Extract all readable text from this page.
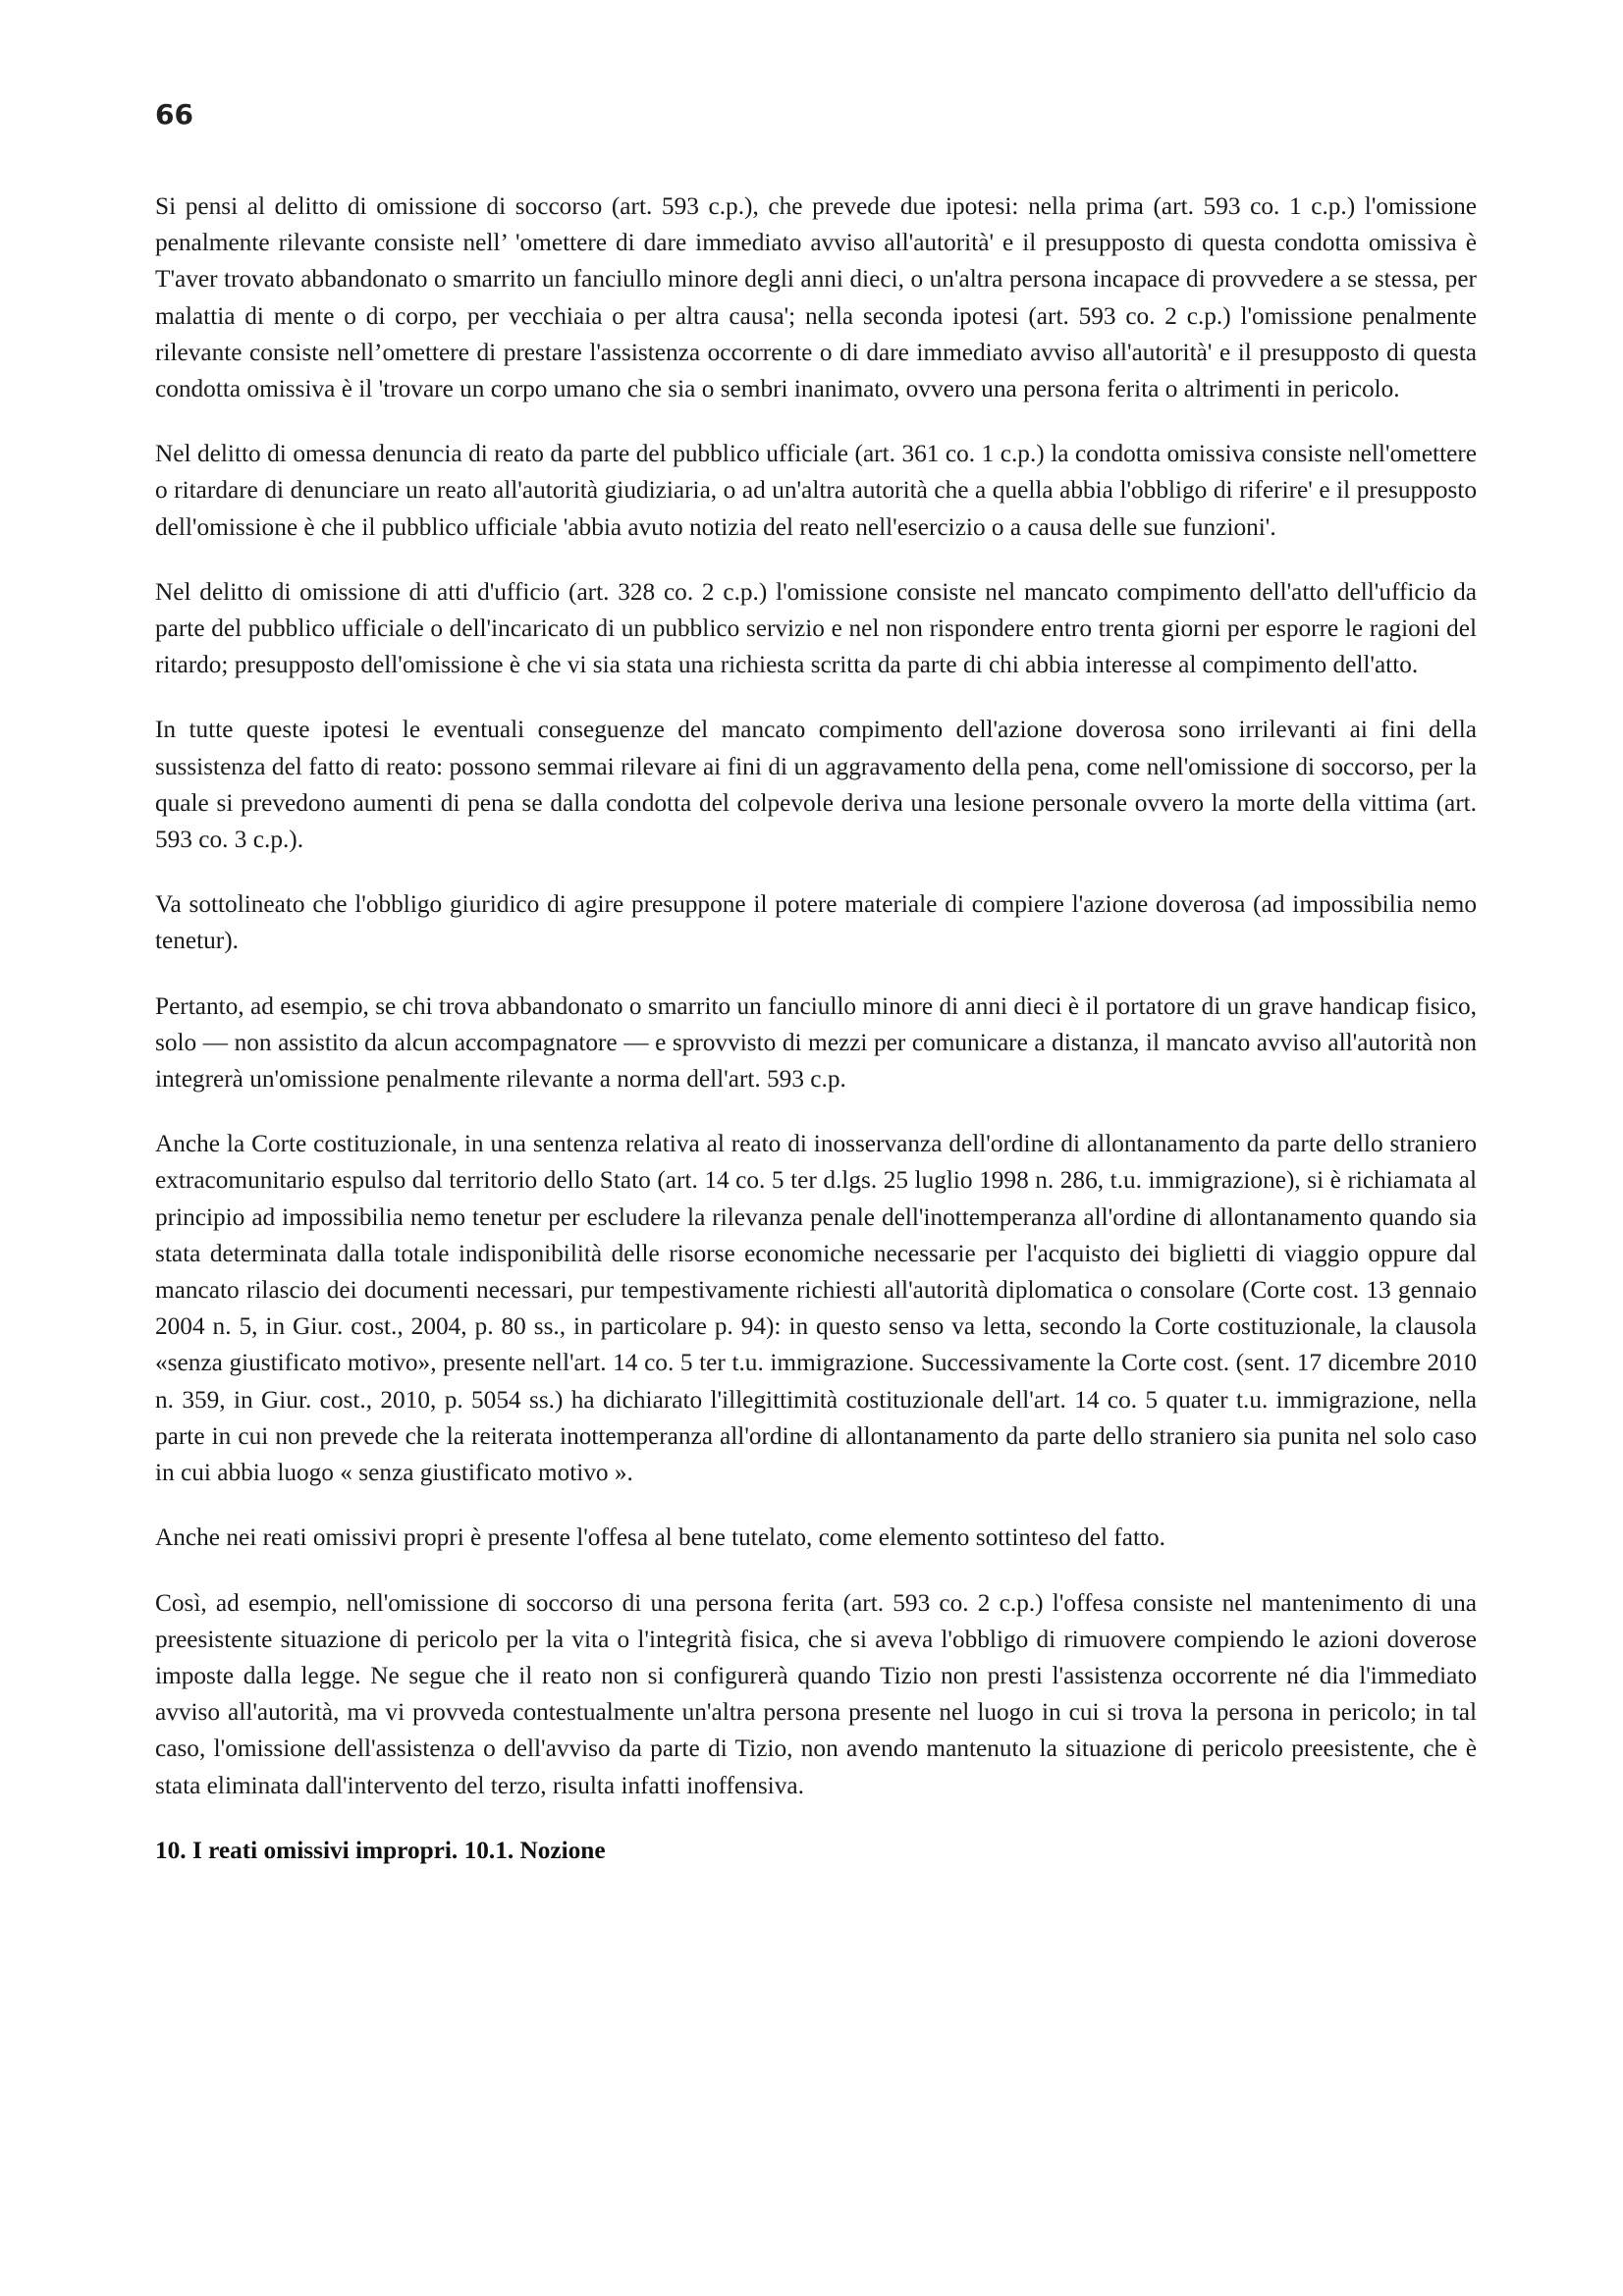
66

Si pensi al delitto di omissione di soccorso (art. 593 c.p.), che prevede due ipotesi: nella prima (art. 593 co. 1 c.p.) l'omissione penalmente rilevante consiste nell’ 'omettere di dare immediato avviso all'autorità' e il presupposto di questa condotta omissiva è T'aver trovato abbandonato o smarrito un fanciullo minore degli anni dieci, o un'altra persona incapace di provvedere a se stessa, per malattia di mente o di corpo, per vecchiaia o per altra causa'; nella seconda ipotesi (art. 593 co. 2 c.p.) l'omissione penalmente rilevante consiste nell’omettere di prestare l'assistenza occorrente o di dare immediato avviso all'autorità' e il presupposto di questa condotta omissiva è il 'trovare un corpo umano che sia o sembri inanimato, ovvero una persona ferita o altrimenti in pericolo.

Nel delitto di omessa denuncia di reato da parte del pubblico ufficiale (art. 361 co. 1 c.p.) la condotta omissiva consiste nell'omettere o ritardare di denunciare un reato all'autorità giudiziaria, o ad un'altra autorità che a quella abbia l'obbligo di riferire' e il presupposto dell'omissione è che il pubblico ufficiale 'abbia avuto notizia del reato nell'esercizio o a causa delle sue funzioni'.

Nel delitto di omissione di atti d'ufficio (art. 328 co. 2 c.p.) l'omissione consiste nel mancato compimento dell'atto dell'ufficio da parte del pubblico ufficiale o dell'incaricato di un pubblico servizio e nel non rispondere entro trenta giorni per esporre le ragioni del ritardo; presupposto dell'omissione è che vi sia stata una richiesta scritta da parte di chi abbia interesse al compimento dell'atto.

In tutte queste ipotesi le eventuali conseguenze del mancato compimento dell'azione doverosa sono irrilevanti ai fini della sussistenza del fatto di reato: possono semmai rilevare ai fini di un aggravamento della pena, come nell'omissione di soccorso, per la quale si prevedono aumenti di pena se dalla condotta del colpevole deriva una lesione personale ovvero la morte della vittima (art. 593 co. 3 c.p.).

Va sottolineato che l'obbligo giuridico di agire presuppone il potere materiale di compiere l'azione doverosa (ad impossibilia nemo tenetur).

Pertanto, ad esempio, se chi trova abbandonato o smarrito un fanciullo minore di anni dieci è il portatore di un grave handicap fisico, solo — non assistito da alcun accompagnatore — e sprovvisto di mezzi per comunicare a distanza, il mancato avviso all'autorità non integrerà un'omissione penalmente rilevante a norma dell'art. 593 c.p.

Anche la Corte costituzionale, in una sentenza relativa al reato di inosservanza dell'ordine di allontanamento da parte dello straniero extracomunitario espulso dal territorio dello Stato (art. 14 co. 5 ter d.lgs. 25 luglio 1998 n. 286, t.u. immigrazione), si è richiamata al principio ad impossibilia nemo tenetur per escludere la rilevanza penale dell'inottemperanza all'ordine di allontanamento quando sia stata determinata dalla totale indisponibilità delle risorse economiche necessarie per l'acquisto dei biglietti di viaggio oppure dal mancato rilascio dei documenti necessari, pur tempestivamente richiesti all'autorità diplomatica o consolare (Corte cost. 13 gennaio 2004 n. 5, in Giur. cost., 2004, p. 80 ss., in particolare p. 94): in questo senso va letta, secondo la Corte costituzionale, la clausola «senza giustificato motivo», presente nell'art. 14 co. 5 ter t.u. immigrazione. Successivamente la Corte cost. (sent. 17 dicembre 2010 n. 359, in Giur. cost., 2010, p. 5054 ss.) ha dichiarato l'illegittimità costituzionale dell'art. 14 co. 5 quater t.u. immigrazione, nella parte in cui non prevede che la reiterata inottemperanza all'ordine di allontanamento da parte dello straniero sia punita nel solo caso in cui abbia luogo « senza giustificato motivo ».

Anche nei reati omissivi propri è presente l'offesa al bene tutelato, come elemento sottinteso del fatto.

Così, ad esempio, nell'omissione di soccorso di una persona ferita (art. 593 co. 2 c.p.) l'offesa consiste nel mantenimento di una preesistente situazione di pericolo per la vita o l'integrità fisica, che si aveva l'obbligo di rimuovere compiendo le azioni doverose imposte dalla legge. Ne segue che il reato non si configurerà quando Tizio non presti l'assistenza occorrente né dia l'immediato avviso all'autorità, ma vi provveda contestualmente un'altra persona presente nel luogo in cui si trova la persona in pericolo; in tal caso, l'omissione dell'assistenza o dell'avviso da parte di Tizio, non avendo mantenuto la situazione di pericolo preesistente, che è stata eliminata dall'intervento del terzo, risulta infatti inoffensiva.

10. I reati omissivi impropri. 10.1. Nozione
